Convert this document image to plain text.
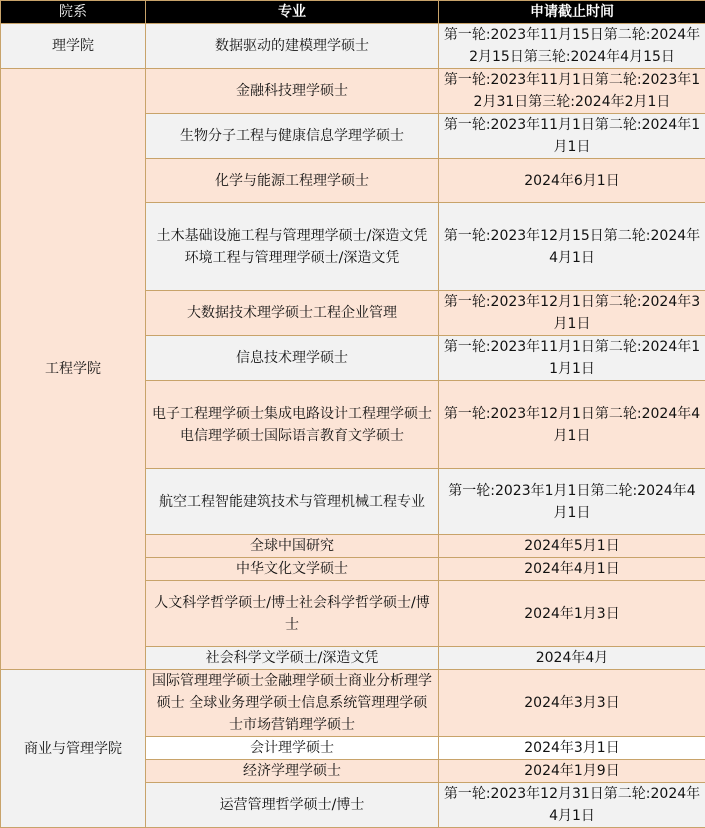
院系	专业	申请截止时间
理学院	数据驱动的建模理学硕士	第一轮:2023年11月15日第二轮:2024年2月15日第三轮:2024年4月15日
工程学院	金融科技理学硕士	第一轮:2023年11月1日第二轮:2023年12月31日第三轮:2024年2月1日
	生物分子工程与健康信息学理学硕士	第一轮:2023年11月1日第二轮:2024年1月1日
	化学与能源工程理学硕士	2024年6月1日
	土木基础设施工程与管理理学硕士/深造文凭环境工程与管理理学硕士/深造文凭	第一轮:2023年12月15日第二轮:2024年4月1日
	大数据技术理学硕士工程企业管理	第一轮:2023年12月1日第二轮:2024年3月1日
	信息技术理学硕士	第一轮:2023年11月1日第二轮:2024年11月1日
	电子工程理学硕士集成电路设计工程理学硕士电信理学硕士国际语言教育文学硕士	第一轮:2023年12月1日第二轮:2024年4月1日
	航空工程智能建筑技术与管理机械工程专业	第一轮:2023年1月1日第二轮:2024年4月1日
	全球中国研究	2024年5月1日
	中华文化文学硕士	2024年4月1日
	人文科学哲学硕士/博士社会科学哲学硕士/博士	2024年1月3日
	社会科学文学硕士/深造文凭	2024年4月
商业与管理学院	国际管理理学硕士金融理学硕士商业分析理学硕士 全球业务理学硕士信息系统管理理学硕士市场营销理学硕士	2024年3月3日
	会计理学硕士	2024年3月1日
	经济学理学硕士	2024年1月9日
	运营管理哲学硕士/博士	第一轮:2023年12月31日第二轮:2024年4月1日
